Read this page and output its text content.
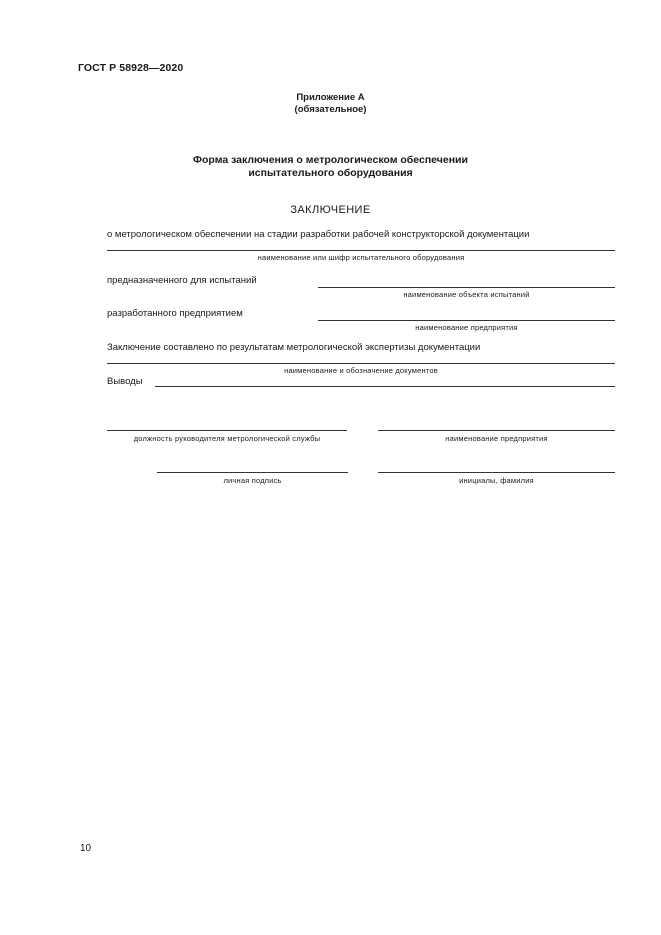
ГОСТ Р 58928—2020
Приложение А
(обязательное)
Форма заключения о метрологическом обеспечении
испытательного оборудования
ЗАКЛЮЧЕНИЕ
о метрологическом обеспечении на стадии разработки рабочей конструкторской документации
наименование или шифр испытательного оборудования
предназначенного для испытаний
наименование объекта испытаний
разработанного предприятием
наименование предприятия
Заключение составлено по результатам метрологической экспертизы документации
наименование и обозначение документов
Выводы
должность руководителя метрологической службы	наименование предприятия
личная подпись	инициалы, фамилия
10
